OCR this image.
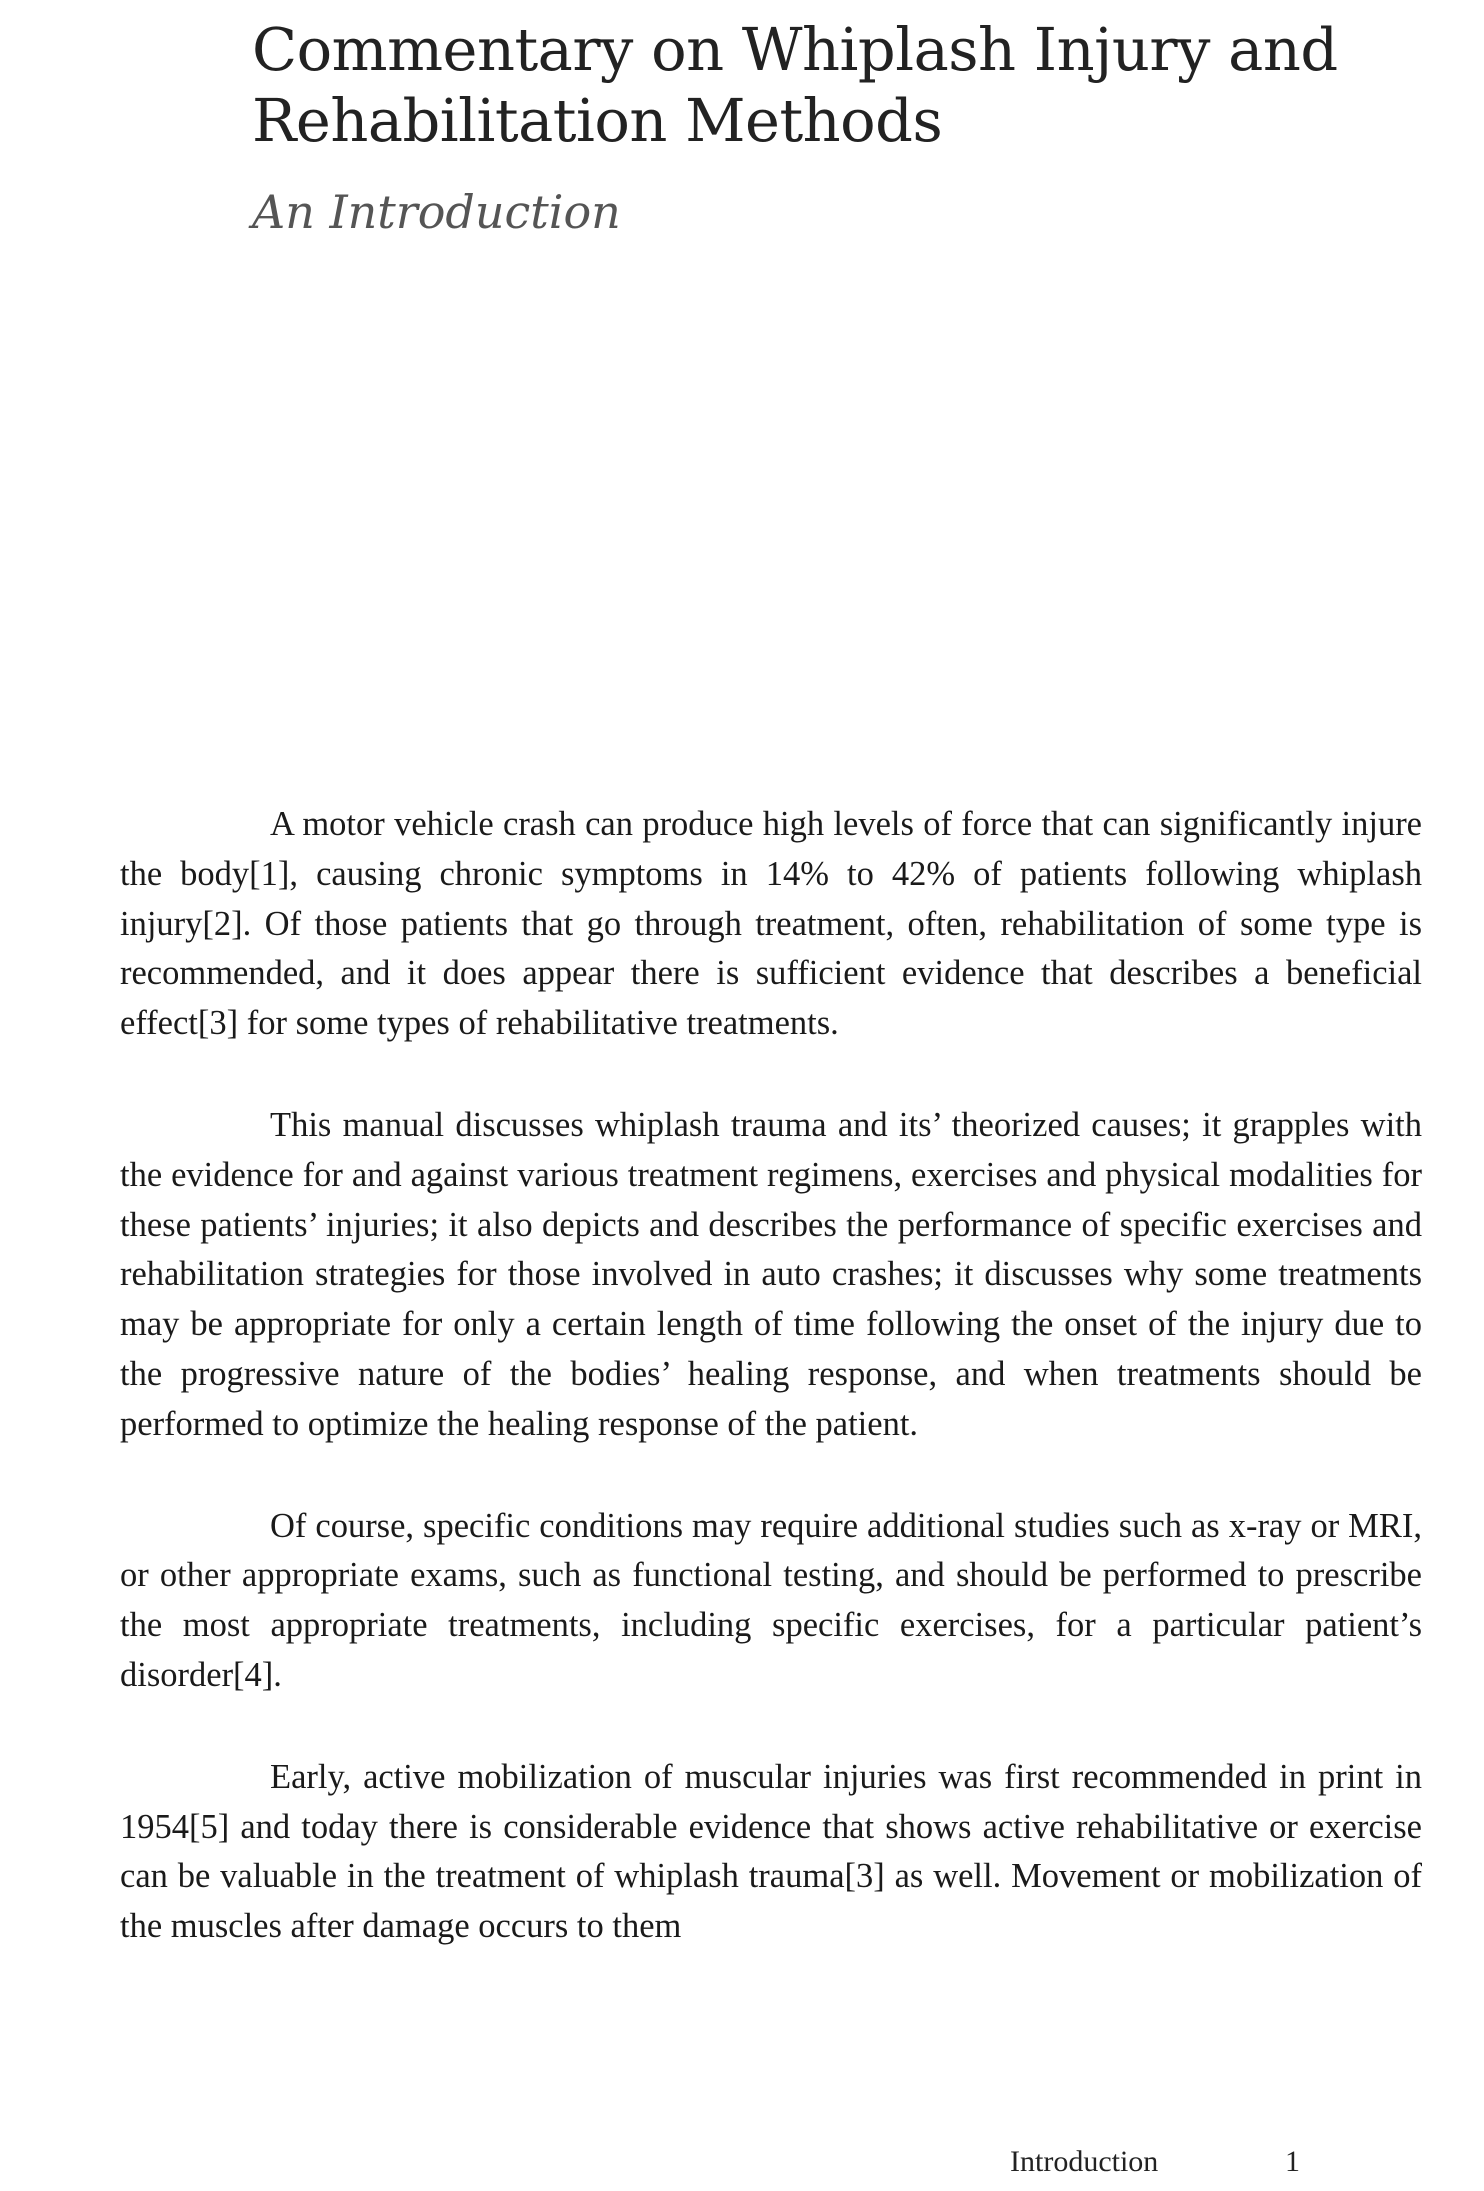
Commentary on Whiplash Injury and
Rehabilitation Methods
An Introduction

A motor vehicle crash can produce high levels of force that can significantly injure the body[1], causing chronic symptoms in 14% to 42% of patients following whiplash injury[2]. Of those patients that go through treatment, often, rehabilitation of some type is recommended, and it does appear there is sufficient evidence that describes a beneficial effect[3] for some types of rehabilitative treatments.

This manual discusses whiplash trauma and its’ theorized causes; it grapples with the evidence for and against various treatment regimens, exercises and physical modalities for these patients’ injuries; it also depicts and describes the performance of specific exercises and rehabilitation strategies for those involved in auto crashes; it discusses why some treatments may be appropriate for only a certain length of time following the onset of the injury due to the progressive nature of the bodies’ healing response, and when treatments should be performed to optimize the healing response of the patient.

Of course, specific conditions may require additional studies such as x-ray or MRI, or other appropriate exams, such as functional testing, and should be performed to prescribe the most appropriate treatments, including specific exercises, for a particular patient’s disorder[4].

Early, active mobilization of muscular injuries was first recommended in print in 1954[5] and today there is considerable evidence that shows active rehabilitative or exercise can be valuable in the treatment of whiplash trauma[3] as well. Movement or mobilization of the muscles after damage occurs to them

Introduction	1
